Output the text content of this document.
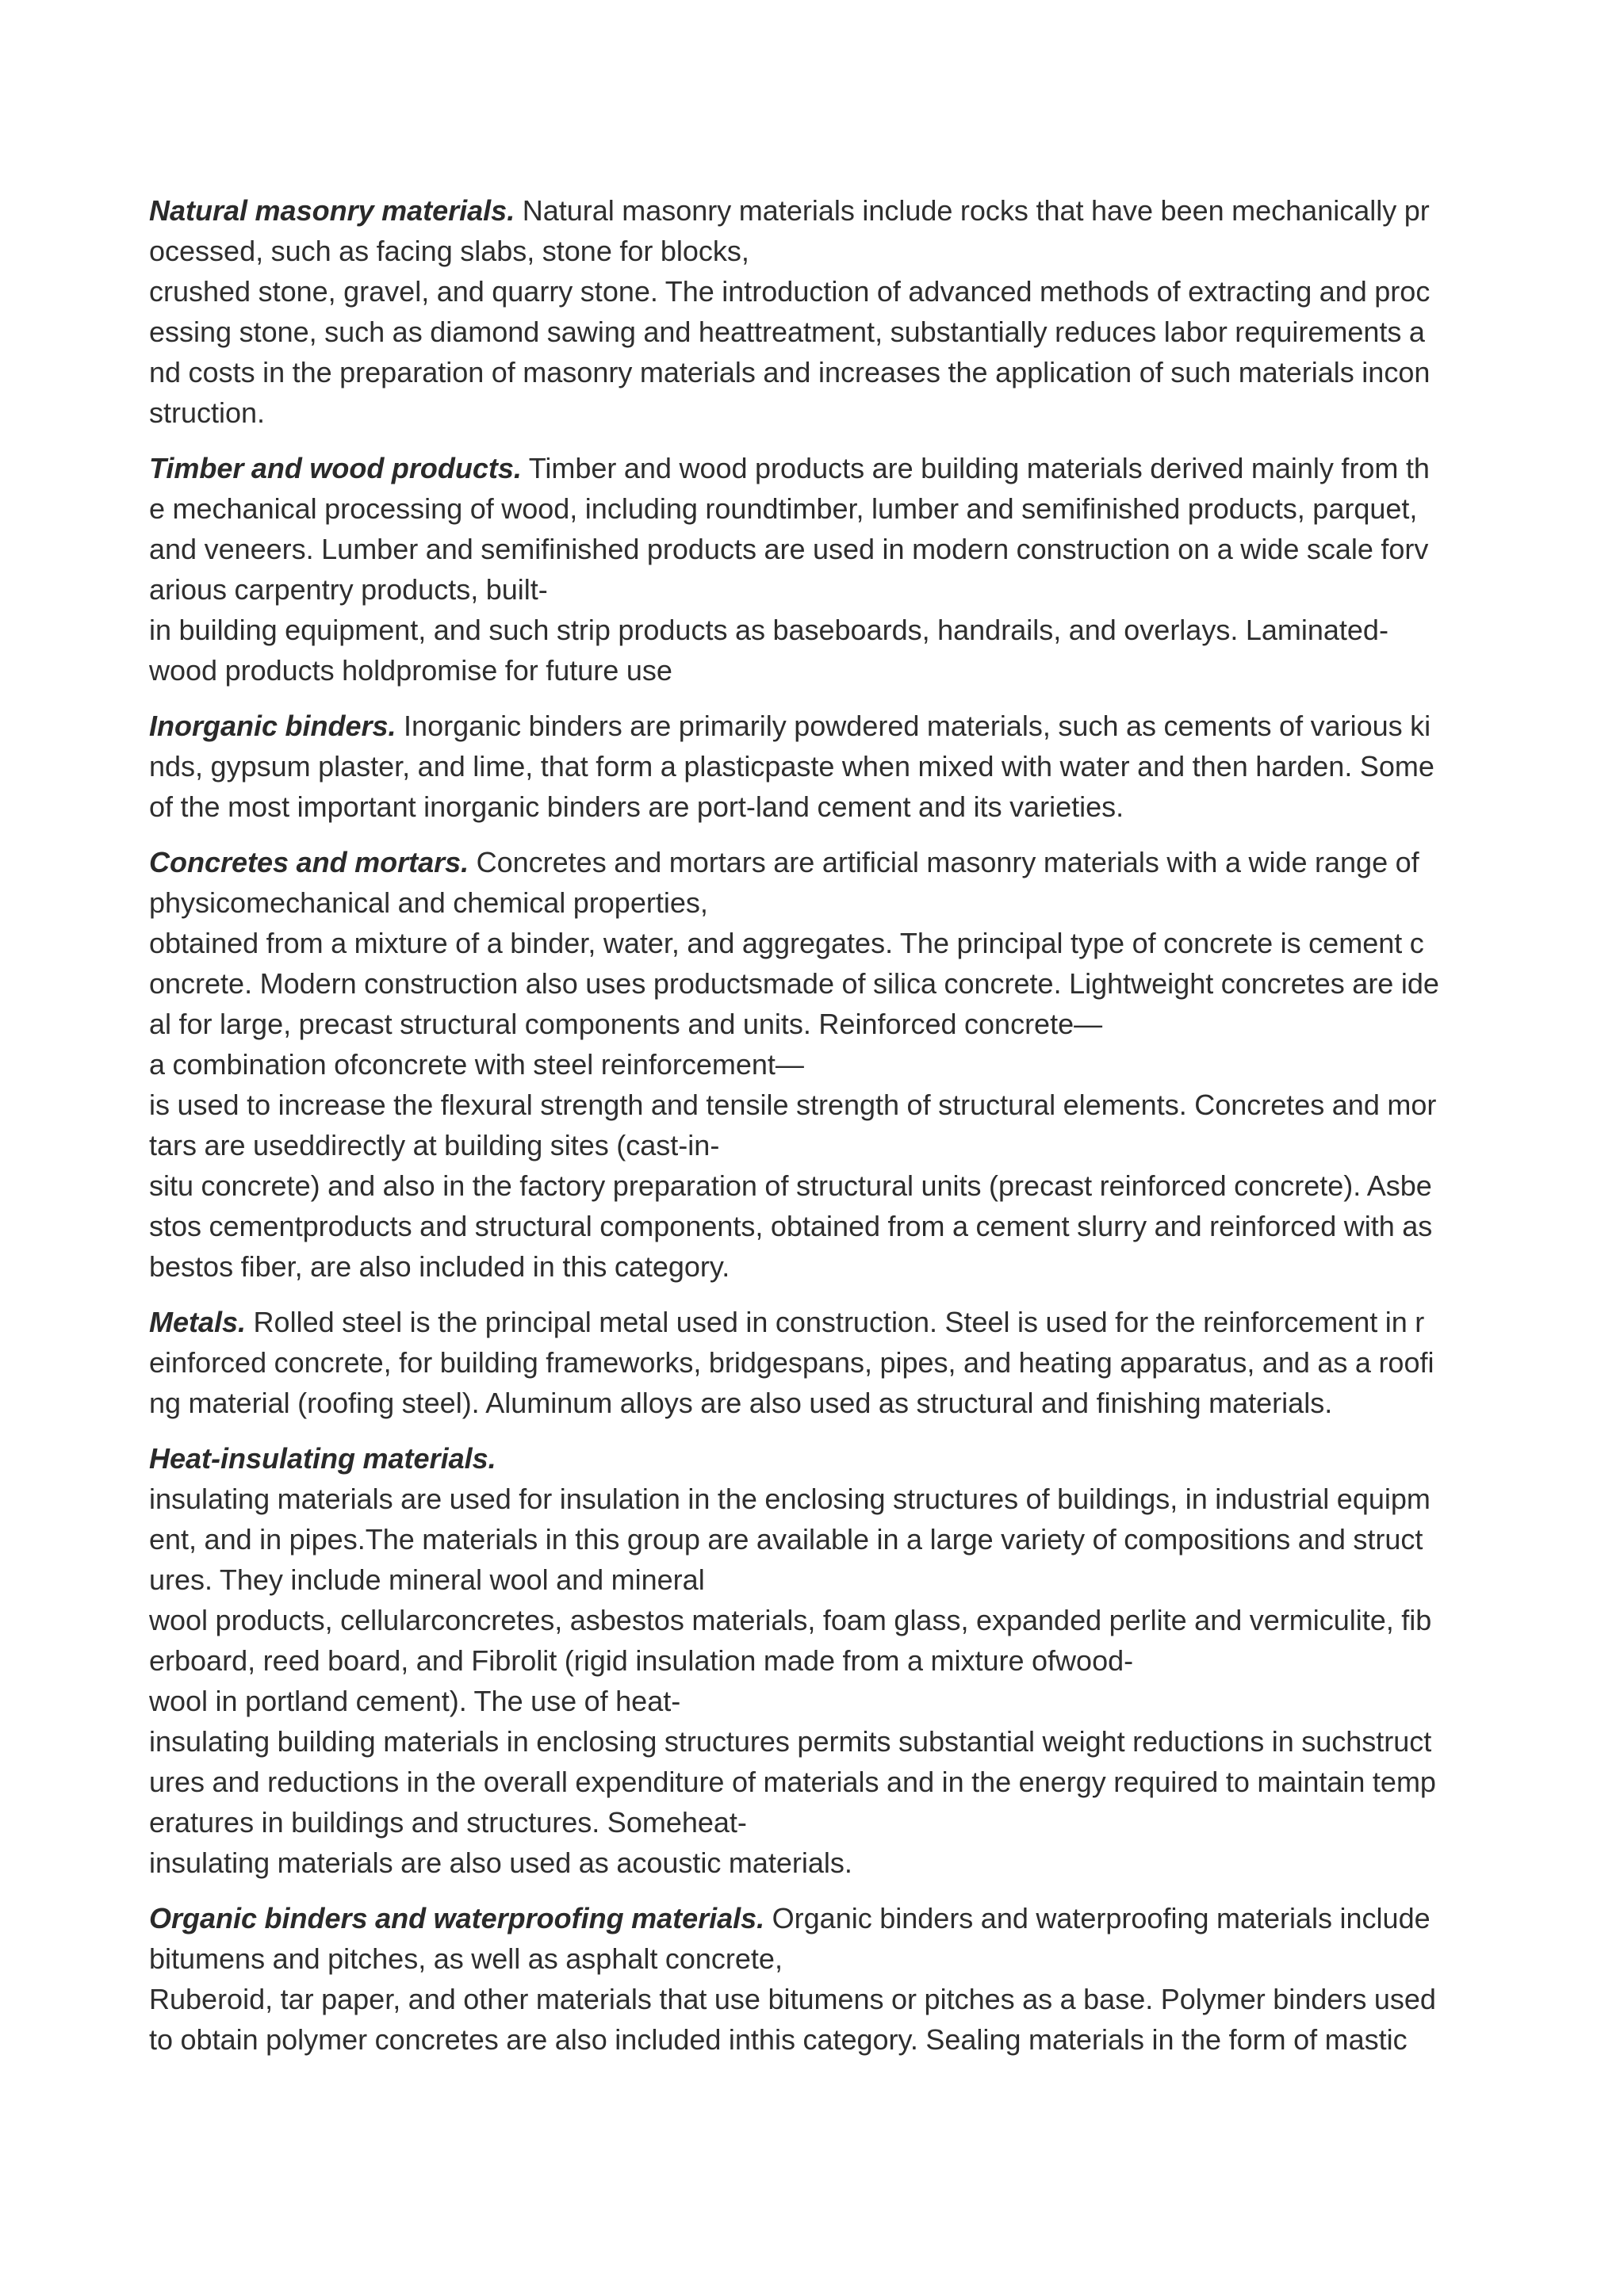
Natural masonry materials. Natural masonry materials include rocks that have been mechanically pr
ocessed, such as facing slabs, stone for blocks,
crushed stone, gravel, and quarry stone. The introduction of advanced methods of extracting and proc
essing stone, such as diamond sawing and heattreatment, substantially reduces labor requirements a
nd costs in the preparation of masonry materials and increases the application of such materials incon
struction.

Timber and wood products. Timber and wood products are building materials derived mainly from th
e mechanical processing of wood, including roundtimber, lumber and semifinished products, parquet,
and veneers. Lumber and semifinished products are used in modern construction on a wide scale forv
arious carpentry products, built-
in building equipment, and such strip products as baseboards, handrails, and overlays. Laminated-
wood products holdpromise for future use

Inorganic binders. Inorganic binders are primarily powdered materials, such as cements of various ki
nds, gypsum plaster, and lime, that form a plasticpaste when mixed with water and then harden. Some
of the most important inorganic binders are port-land cement and its varieties.

Concretes and mortars. Concretes and mortars are artificial masonry materials with a wide range of
physicomechanical and chemical properties,
obtained from a mixture of a binder, water, and aggregates. The principal type of concrete is cement c
oncrete. Modern construction also uses productsmade of silica concrete. Lightweight concretes are ide
al for large, precast structural components and units. Reinforced concrete—
a combination ofconcrete with steel reinforcement—
is used to increase the flexural strength and tensile strength of structural elements. Concretes and mor
tars are useddirectly at building sites (cast-in-
situ concrete) and also in the factory preparation of structural units (precast reinforced concrete). Asbe
stos cementproducts and structural components, obtained from a cement slurry and reinforced with as
bestos fiber, are also included in this category.

Metals. Rolled steel is the principal metal used in construction. Steel is used for the reinforcement in r
einforced concrete, for building frameworks, bridgespans, pipes, and heating apparatus, and as a roofi
ng material (roofing steel). Aluminum alloys are also used as structural and finishing materials.

Heat-insulating materials.
insulating materials are used for insulation in the enclosing structures of buildings, in industrial equipm
ent, and in pipes.The materials in this group are available in a large variety of compositions and struct
ures. They include mineral wool and mineral
wool products, cellularconcretes, asbestos materials, foam glass, expanded perlite and vermiculite, fib
erboard, reed board, and Fibrolit (rigid insulation made from a mixture ofwood-
wool in portland cement). The use of heat-
insulating building materials in enclosing structures permits substantial weight reductions in suchstruct
ures and reductions in the overall expenditure of materials and in the energy required to maintain temp
eratures in buildings and structures. Someheat-
insulating materials are also used as acoustic materials.

Organic binders and waterproofing materials. Organic binders and waterproofing materials include
bitumens and pitches, as well as asphalt concrete,
Ruberoid, tar paper, and other materials that use bitumens or pitches as a base. Polymer binders used
to obtain polymer concretes are also included inthis category. Sealing materials in the form of mastic
